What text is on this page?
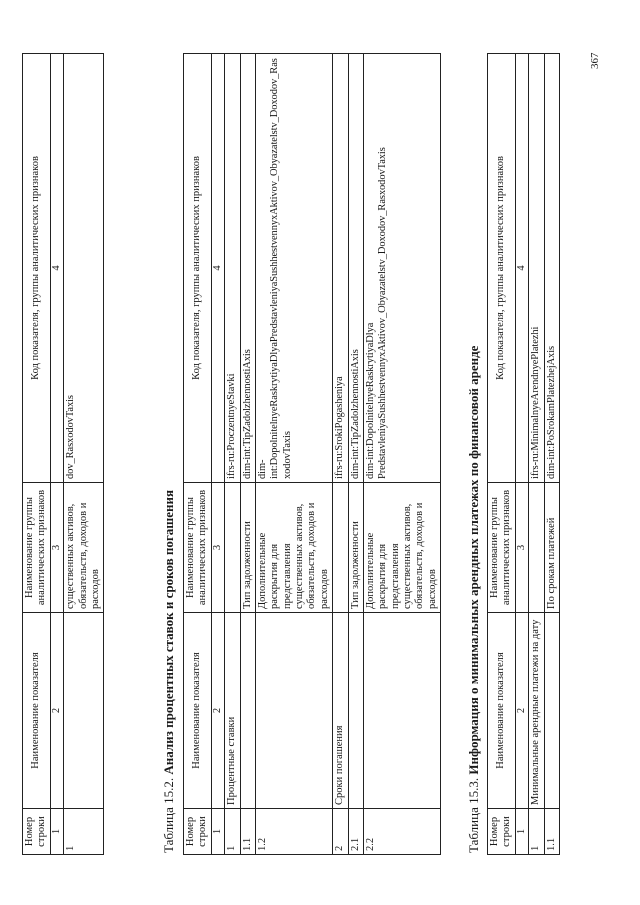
367
Номер строки	Наименование показателя	Наименование группы аналитических признаков	Код показателя, группы аналитических признаков
1	2	3	4
1		существенных активов, обязательств, доходов и расходов	dov_RasxodovTaxis
Таблица 15.2. Анализ процентных ставок и сроков погашения
Номер строки	Наименование показателя	Наименование группы аналитических признаков	Код показателя, группы аналитических признаков
1	2	3	4
1	Процентные ставки		ifrs-ru:ProczentnyeStavki
1.1		Тип задолженности	dim-int:TipZadolzhennostiAxis
1.2		Дополнительные раскрытия для представления существенных активов, обязательств, доходов и расходов	dim-int:DopolnitelnyeRaskrytiyaDlyaPredstavleniyaSushhestvennyxAktivov_Obyazatelstv_Doxodov_RasxodovTaxis
2	Сроки погашения		ifrs-ru:SrokiPogasheniya
2.1		Тип задолженности	dim-int:TipZadolzhennostiAxis
2.2		Дополнительные раскрытия для представления существенных активов, обязательств, доходов и расходов	dim-int:DopolnitelnyeRaskrytiyaDlya PredstavleniyaSushhestvennyxAktivov_Obyazatelstv_Doxodov_RasxodovTaxis
Таблица 15.3. Информация о минимальных арендных платежах по финансовой аренде
Номер строки	Наименование показателя	Наименование группы аналитических признаков	Код показателя, группы аналитических признаков
1	2	3	4
1	Минимальные арендные платежи на дату		ifrs-ru:MinimalnyeArendnyePlatezhi
1.1		По срокам платежей	dim-int:PoSrokamPlatezhejAxis
